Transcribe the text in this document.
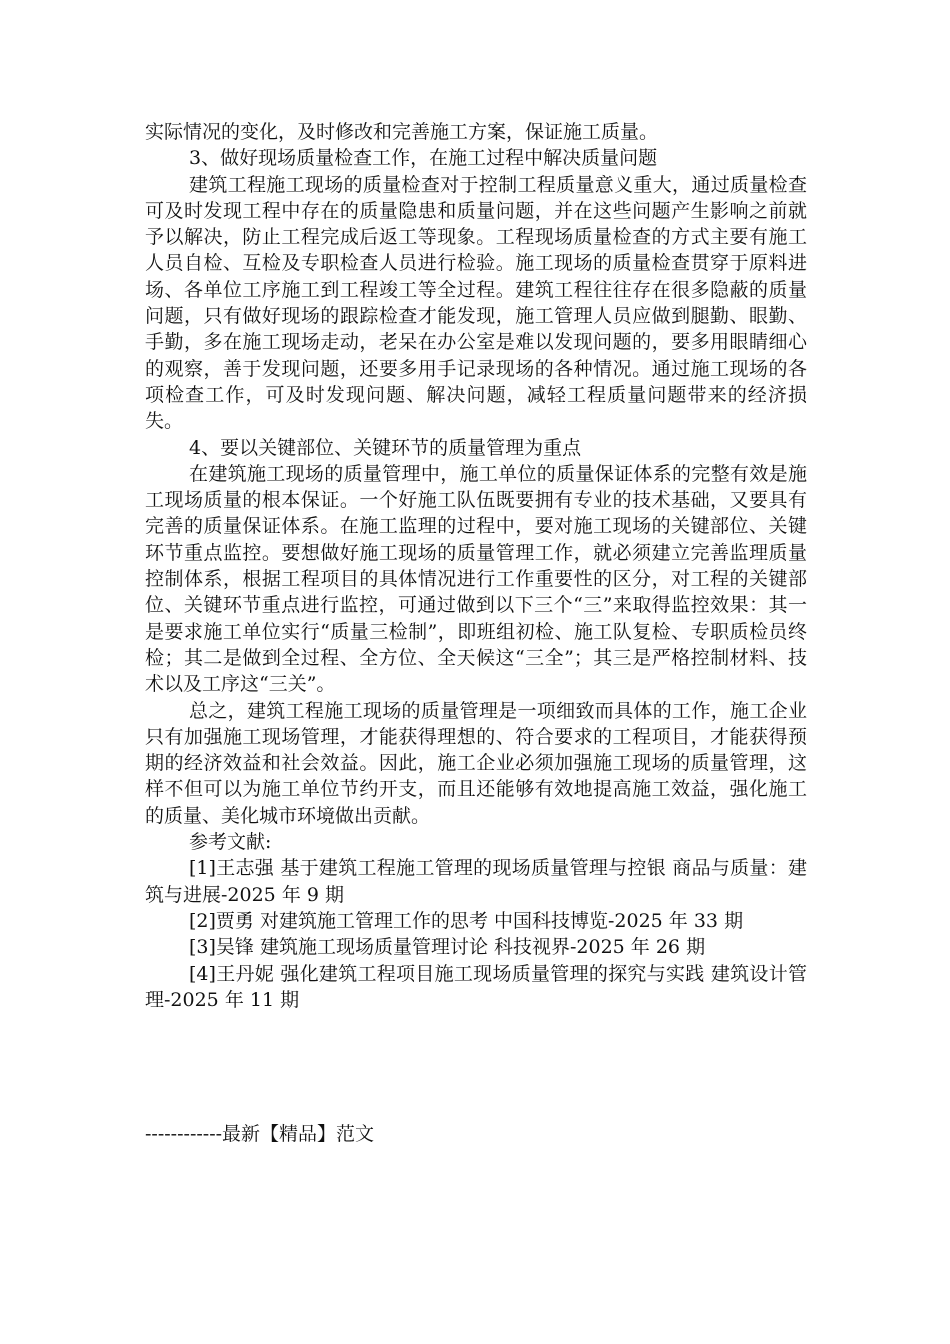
实际情况的变化，及时修改和完善施工方案，保证施工质量。

3、做好现场质量检查工作，在施工过程中解决质量问题

建筑工程施工现场的质量检查对于控制工程质量意义重大，通过质量检查可及时发现工程中存在的质量隐患和质量问题，并在这些问题产生影响之前就予以解决，防止工程完成后返工等现象。工程现场质量检查的方式主要有施工人员自检、互检及专职检查人员进行检验。施工现场的质量检查贯穿于原料进场、各单位工序施工到工程竣工等全过程。建筑工程往往存在很多隐蔽的质量问题，只有做好现场的跟踪检查才能发现，施工管理人员应做到腿勤、眼勤、手勤，多在施工现场走动，老呆在办公室是难以发现问题的，要多用眼睛细心的观察，善于发现问题，还要多用手记录现场的各种情况。通过施工现场的各项检查工作，可及时发现问题、解决问题，减轻工程质量问题带来的经济损失。

4、要以关键部位、关键环节的质量管理为重点

在建筑施工现场的质量管理中，施工单位的质量保证体系的完整有效是施工现场质量的根本保证。一个好施工队伍既要拥有专业的技术基础，又要具有完善的质量保证体系。在施工监理的过程中，要对施工现场的关键部位、关键环节重点监控。要想做好施工现场的质量管理工作，就必须建立完善监理质量控制体系，根据工程项目的具体情况进行工作重要性的区分，对工程的关键部位、关键环节重点进行监控，可通过做到以下三个“三”来取得监控效果：其一是要求施工单位实行“质量三检制”，即班组初检、施工队复检、专职质检员终检；其二是做到全过程、全方位、全天候这“三全”；其三是严格控制材料、技术以及工序这“三关”。

总之，建筑工程施工现场的质量管理是一项细致而具体的工作，施工企业只有加强施工现场管理，才能获得理想的、符合要求的工程项目，才能获得预期的经济效益和社会效益。因此，施工企业必须加强施工现场的质量管理，这样不但可以为施工单位节约开支，而且还能够有效地提高施工效益，强化施工的质量、美化城市环境做出贡献。

参考文献:

[1]王志强 基于建筑工程施工管理的现场质量管理与控银 商品与质量：建筑与进展-2025 年 9 期

[2]贾勇 对建筑施工管理工作的思考 中国科技博览-2025 年 33 期

[3]吴锋 建筑施工现场质量管理讨论 科技视界-2025 年 26 期

[4]王丹妮 强化建筑工程项目施工现场质量管理的探究与实践 建筑设计管理-2025 年 11 期

------------最新【精品】范文
